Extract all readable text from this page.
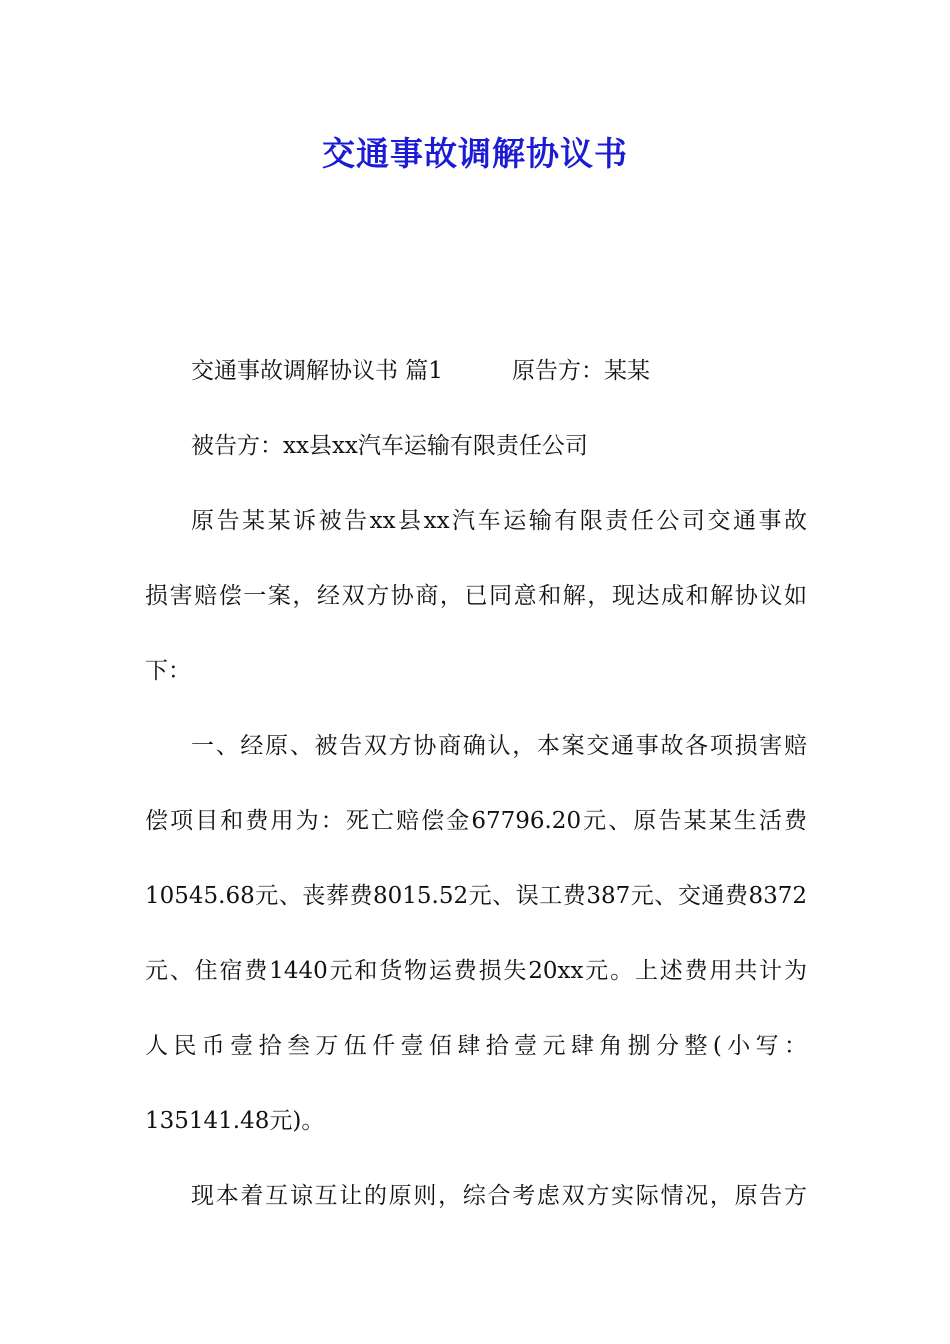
交通事故调解协议书

交通事故调解协议书 篇1　　　原告方：某某

被告方：xx县xx汽车运输有限责任公司

原告某某诉被告xx县xx汽车运输有限责任公司交通事故
损害赔偿一案，经双方协商，已同意和解，现达成和解协议如
下：
一、经原、被告双方协商确认，本案交通事故各项损害赔
偿项目和费用为：死亡赔偿金67796.20元、原告某某生活费
10545.68元、丧葬费8015.52元、误工费387元、交通费8372
元、住宿费1440元和货物运费损失20xx元。上述费用共计为
人民币壹拾叁万伍仟壹佰肆拾壹元肆角捌分整(小写：
135141.48元)。
现本着互谅互让的原则，综合考虑双方实际情况，原告方
